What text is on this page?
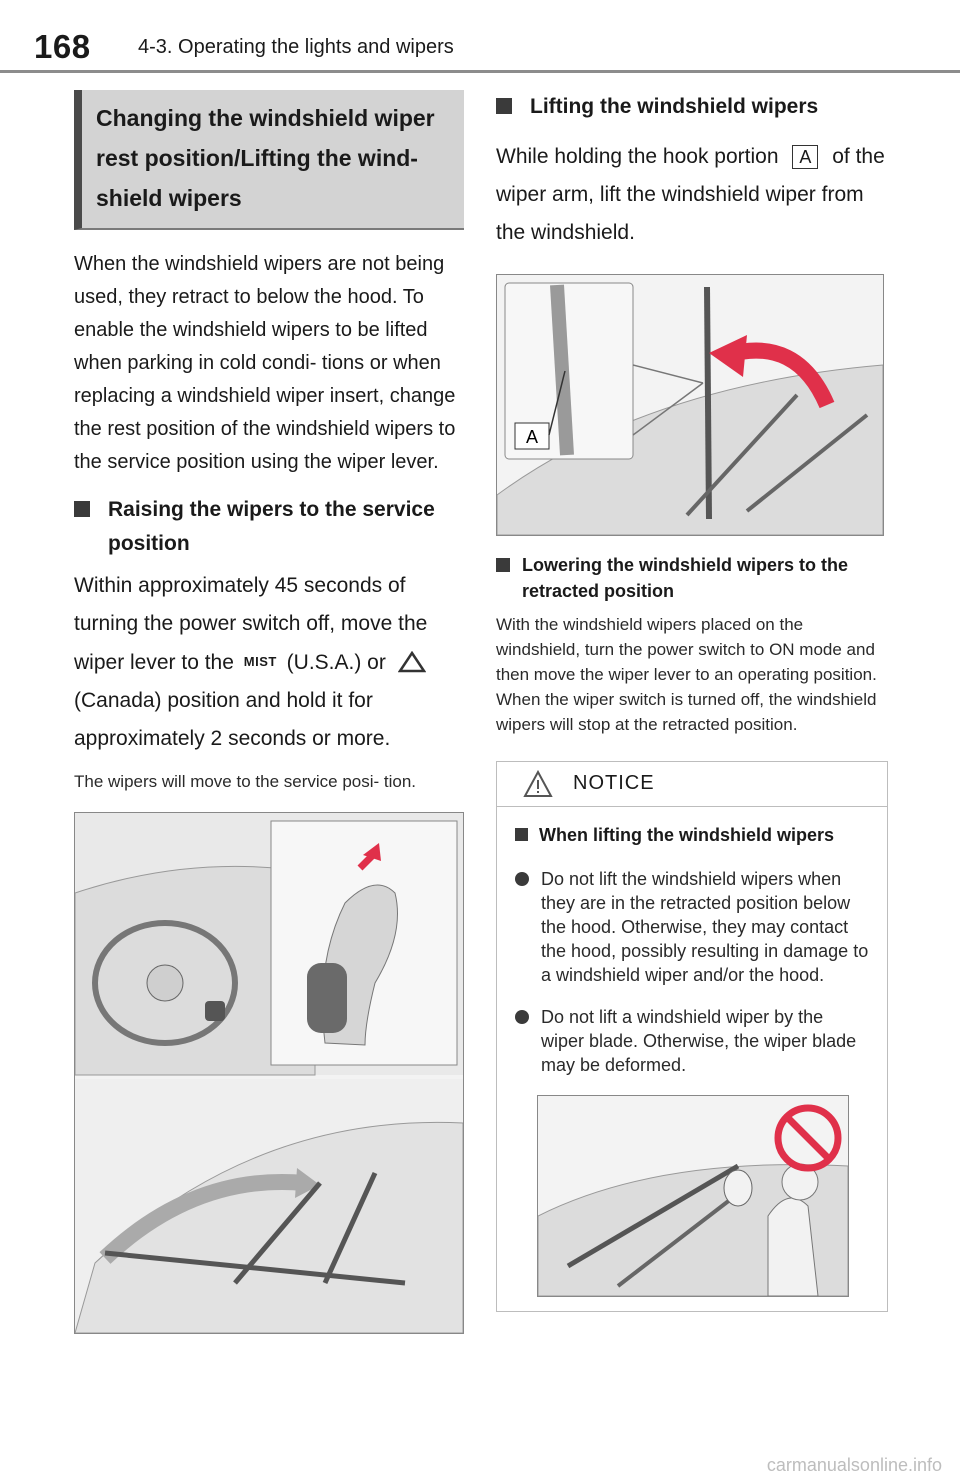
168 4-3. Operating the lights and wipers
Changing the windshield wiper rest position/Lifting the wind- shield wipers

When the windshield wipers are not being used, they retract to below the hood. To enable the windshield wipers to be lifted when parking in cold condi- tions or when replacing a windshield wiper insert, change the rest position of the windshield wipers to the service position using the wiper lever.

Raising the wipers to the service position

Within approximately 45 seconds of turning the power switch off, move the wiper lever to the MIST (U.S.A.) or  (Canada) position and hold it for approximately 2 seconds or more.

The wipers will move to the service posi- tion.

Lifting the windshield wipers

While holding the hook portion A of the wiper arm, lift the windshield wiper from the windshield.

A
Lowering the windshield wipers to the retracted position
With the windshield wipers placed on the windshield, turn the power switch to ON mode and then move the wiper lever to an operating position. When the wiper switch is turned off, the windshield wipers will stop at the retracted position.
NOTICE
When lifting the windshield wipers
Do not lift the windshield wipers when they are in the retracted position below the hood. Otherwise, they may contact the hood, possibly resulting in damage to a windshield wiper and/or the hood.
Do not lift a windshield wiper by the wiper blade. Otherwise, the wiper blade may be deformed.
carmanualsonline.info
